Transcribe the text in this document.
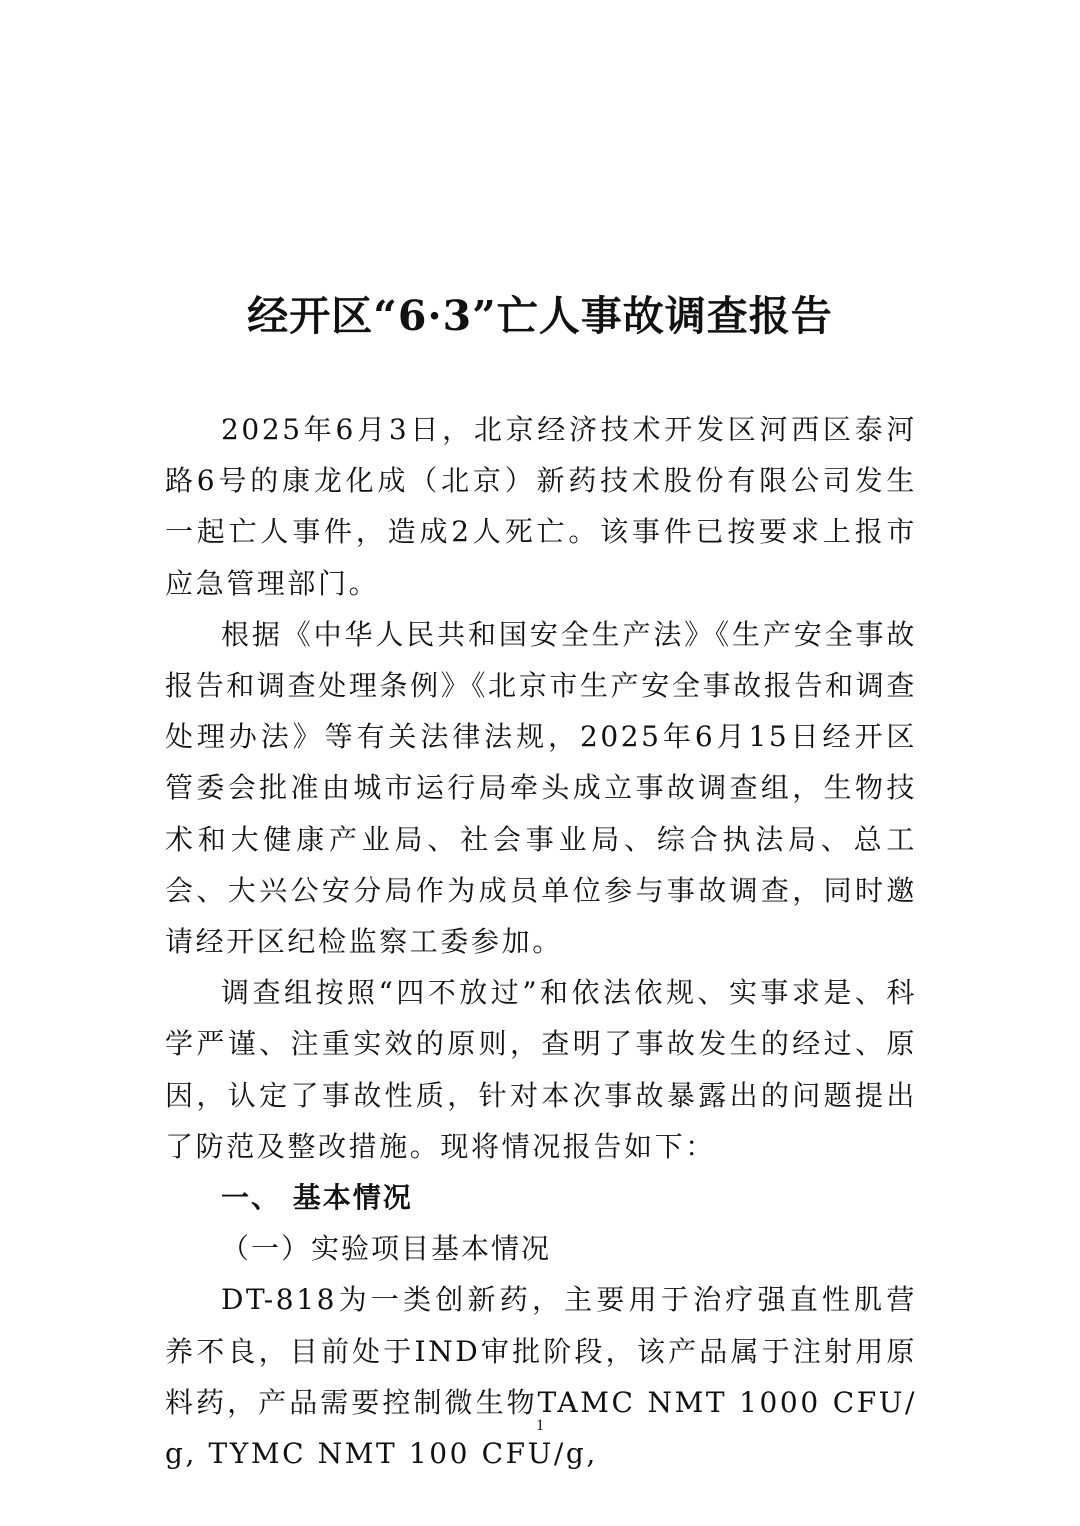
经开区“6·3”亡人事故调查报告

2025年6月3日，北京经济技术开发区河西区泰河路6号的康龙化成（北京）新药技术股份有限公司发生一起亡人事件，造成2人死亡。该事件已按要求上报市应急管理部门。

根据《中华人民共和国安全生产法》《生产安全事故报告和调查处理条例》《北京市生产安全事故报告和调查处理办法》等有关法律法规，2025年6月15日经开区管委会批准由城市运行局牵头成立事故调查组，生物技术和大健康产业局、社会事业局、综合执法局、总工会、大兴公安分局作为成员单位参与事故调查，同时邀请经开区纪检监察工委参加。

调查组按照“四不放过”和依法依规、实事求是、科学严谨、注重实效的原则，查明了事故发生的经过、原因，认定了事故性质，针对本次事故暴露出的问题提出了防范及整改措施。现将情况报告如下：

一、 基本情况

（一）实验项目基本情况

DT-818为一类创新药，主要用于治疗强直性肌营养不良，目前处于IND审批阶段，该产品属于注射用原料药，产品需要控制微生物TAMC NMT 1000 CFU/g, TYMC NMT 100 CFU/g,

1
